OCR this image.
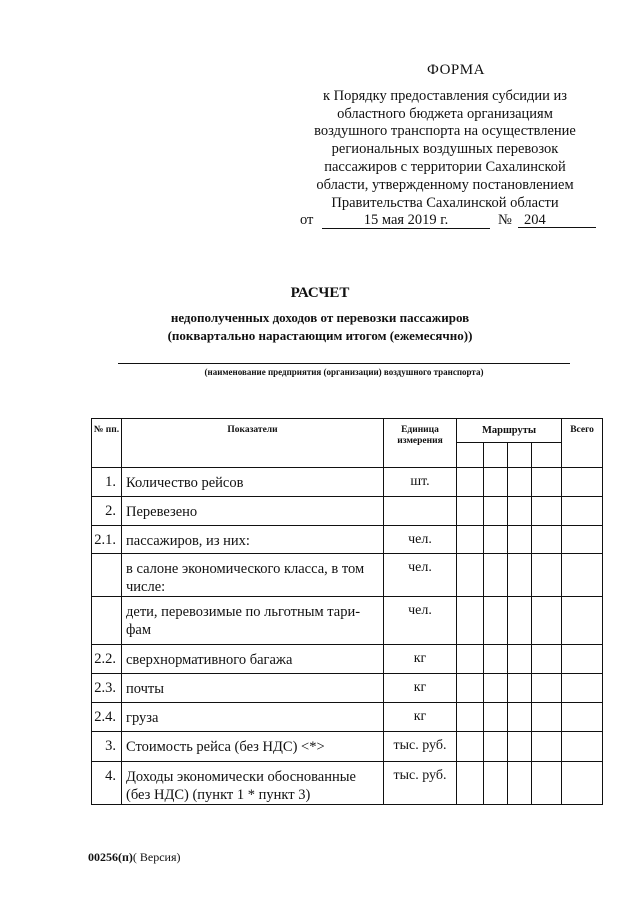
ФОРМА
к Порядку предоставления субсидии из
областного бюджета организациям
воздушного транспорта на осуществление
региональных воздушных перевозок
пассажиров с территории Сахалинской
области, утвержденному постановлением
Правительства Сахалинской области
от	15 мая 2019 г.	№ 204
РАСЧЕТ
недополученных доходов от перевозки пассажиров
(поквартально нарастающим итогом (ежемесячно))
(наименование предприятия (организации) воздушного транспорта)
№ пп.	Показатели	Единица измерения	Маршруты				Всего

1.	Количество рейсов	шт.					
2.	Перевезено						
2.1.	пассажиров, из них:	чел.					
	в салоне экономического класса, в том числе:	чел.					
	дети, перевозимые по льготным тари-фам	чел.					
2.2.	сверхнормативного багажа	кг					
2.3.	почты	кг					
2.4.	груза	кг					
3.	Стоимость рейса (без НДС) <*>	тыс. руб.					
4.	Доходы экономически обоснованные (без НДС) (пункт 1 * пункт 3)	тыс. руб.					
00256(п)( Версия)
